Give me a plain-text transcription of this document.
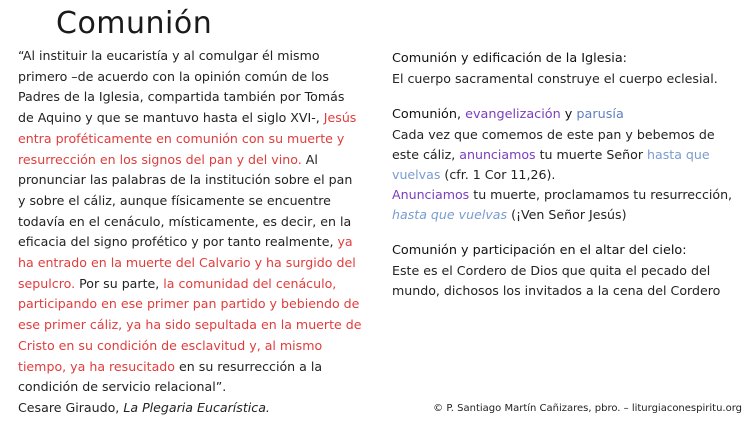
Comunión
“Al instituir la eucaristía y al comulgar él mismo primero –de acuerdo con la opinión común de los Padres de la Iglesia, compartida también por Tomás de Aquino y que se mantuvo hasta el siglo XVI-, Jesús entra proféticamente en comunión con su muerte y resurrección en los signos del pan y del vino. Al pronunciar las palabras de la institución sobre el pan y sobre el cáliz, aunque físicamente se encuentre todavía en el cenáculo, místicamente, es decir, en la eficacia del signo profético y por tanto realmente, ya ha entrado en la muerte del Calvario y ha surgido del sepulcro. Por su parte, la comunidad del cenáculo, participando en ese primer pan partido y bebiendo de ese primer cáliz, ya ha sido sepultada en la muerte de Cristo en su condición de esclavitud y, al mismo tiempo, ya ha resucitado en su resurrección a la condición de servicio relacional”.
Cesare Giraudo, La Plegaria Eucarística.
Comunión y edificación de la Iglesia:

El cuerpo sacramental construye el cuerpo eclesial.

Comunión, evangelización y parusía

Cada vez que comemos de este pan y bebemos de este cáliz, anunciamos tu muerte Señor hasta que vuelvas (cfr. 1 Cor 11,26).
Anunciamos tu muerte, proclamamos tu resurrección, hasta que vuelvas (¡Ven Señor Jesús)

Comunión y participación en el altar del cielo:

Este es el Cordero de Dios que quita el pecado del mundo, dichosos los invitados a la cena del Cordero

© P. Santiago Martín Cañizares, pbro. – liturgiaconespiritu.org
